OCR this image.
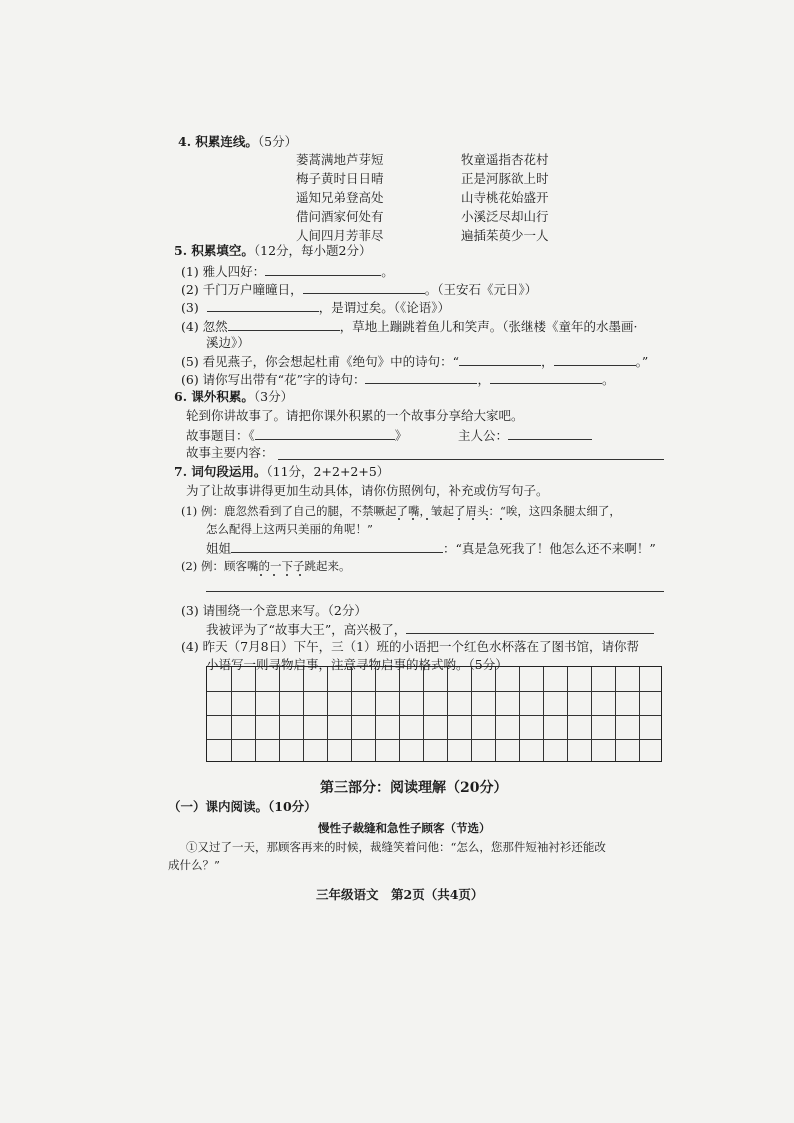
4. 积累连线。（5分）
蒌蒿满地芦芽短
梅子黄时日日晴
遥知兄弟登高处
借问酒家何处有
人间四月芳菲尽
牧童遥指杏花村
正是河豚欲上时
山寺桃花始盛开
小溪泛尽却山行
遍插茱萸少一人
5. 积累填空。（12分，每小题2分）
(1) 雅人四好：	。
(2) 千门万户曈曈日，	。（王安石《元日》）
(3)	，是谓过矣。（《论语》）
(4) 忽然	，草地上蹦跳着鱼儿和笑声。（张继楼《童年的水墨画·
溪边》）
(5) 看见燕子，你会想起杜甫《绝句》中的诗句：“	，	。”
(6) 请你写出带有“花”字的诗句：	，	。
6. 课外积累。（3分）
轮到你讲故事了。请把你课外积累的一个故事分享给大家吧。
故事题目：《	》	主人公：
故事主要内容：
7. 词句段运用。（11分，2+2+2+5）
为了让故事讲得更加生动具体，请你仿照例句，补充或仿写句子。
(1) 例：鹿忽然看到了自己的腿，不禁噘起了嘴，皱起了眉头：“唉，这四条腿太细了，
怎么配得上这两只美丽的角呢！”
姐姐	：“真是急死我了！他怎么还不来啊！”
(2) 例：顾客嘴的一下子跳起来。
(3) 请围绕一个意思来写。（2分）
我被评为了“故事大王”，高兴极了，
(4) 昨天（7月8日）下午，三（1）班的小语把一个红色水杯落在了图书馆，请你帮
小语写一则寻物启事，注意寻物启事的格式哟。（5分）
第三部分：阅读理解（20分）
（一）课内阅读。（10分）
慢性子裁缝和急性子顾客（节选）
①又过了一天，那顾客再来的时候，裁缝笑着问他：“怎么，您那件短袖衬衫还能改
成什么？”
三年级语文　第2页（共4页）
